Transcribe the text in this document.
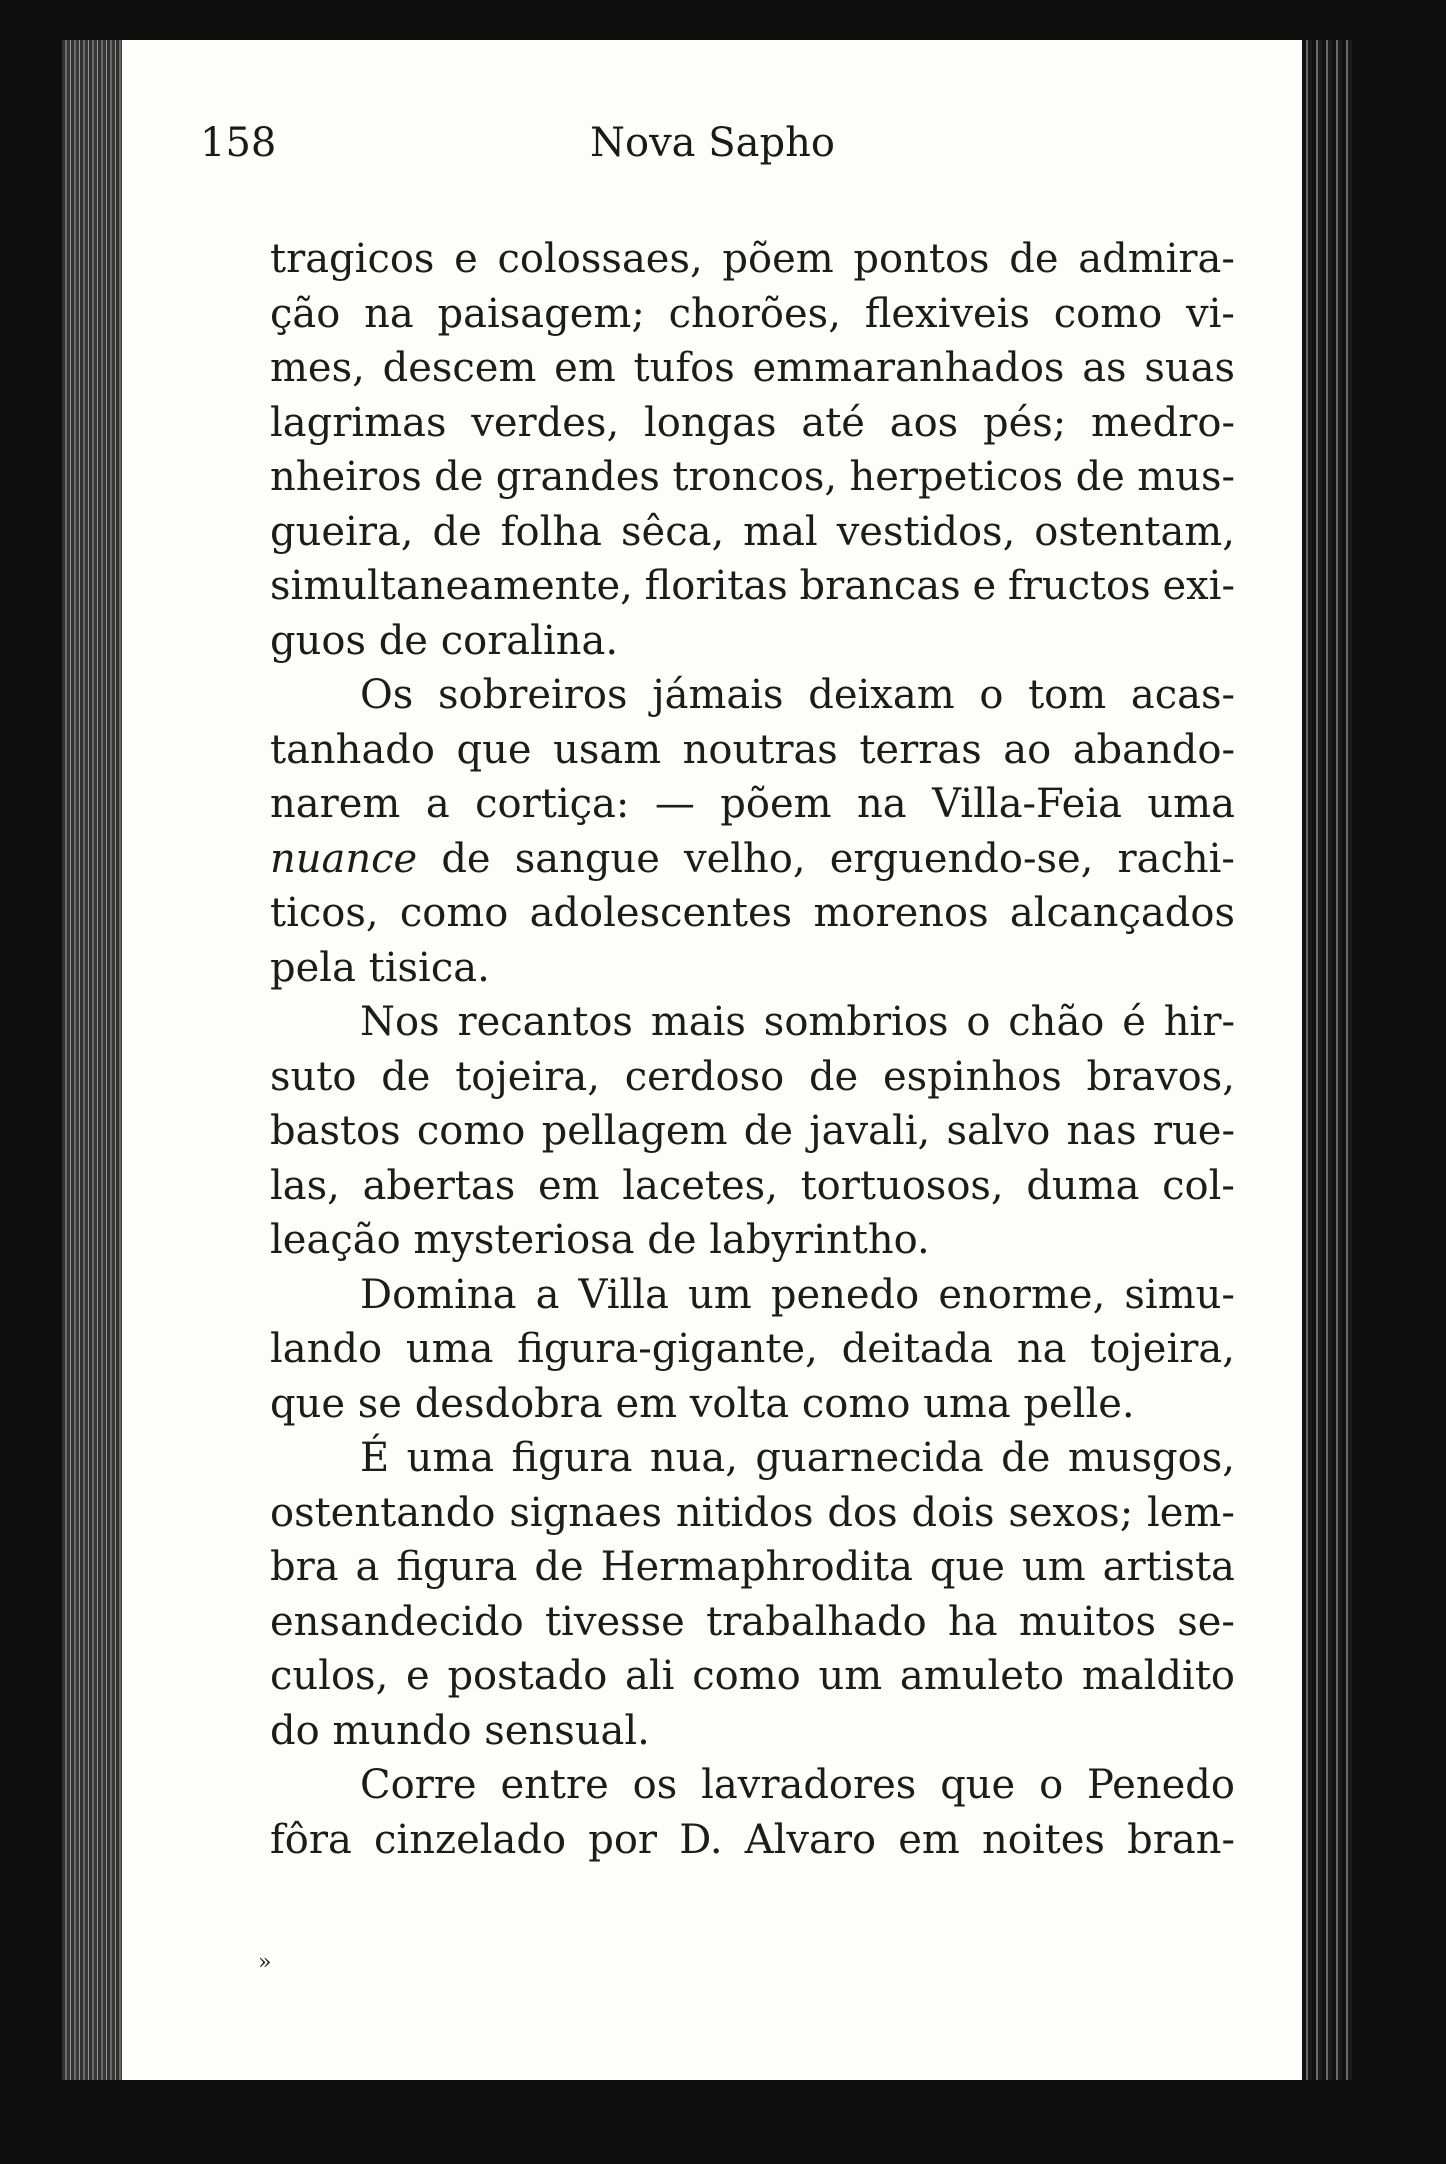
158	Nova Sapho
tragicos e colossaes, põem pontos de admira-
ção na paisagem; chorões, flexiveis como vi-
mes, descem em tufos emmaranhados as suas
lagrimas verdes, longas até aos pés; medro-
nheiros de grandes troncos, herpeticos de mus-
gueira, de folha sêca, mal vestidos, ostentam,
simultaneamente, floritas brancas e fructos exi-
guos de coralina.
Os sobreiros jámais deixam o tom acas-
tanhado que usam noutras terras ao abando-
narem a cortiça: — põem na Villa-Feia uma
nuance de sangue velho, erguendo-se, rachi-
ticos, como adolescentes morenos alcançados
pela tisica.
Nos recantos mais sombrios o chão é hir-
suto de tojeira, cerdoso de espinhos bravos,
bastos como pellagem de javali, salvo nas rue-
las, abertas em lacetes, tortuosos, duma col-
leação mysteriosa de labyrintho.
Domina a Villa um penedo enorme, simu-
lando uma figura-gigante, deitada na tojeira,
que se desdobra em volta como uma pelle.
É uma figura nua, guarnecida de musgos,
ostentando signaes nitidos dos dois sexos; lem-
bra a figura de Hermaphrodita que um artista
ensandecido tivesse trabalhado ha muitos se-
culos, e postado ali como um amuleto maldito
do mundo sensual.
Corre entre os lavradores que o Penedo
fôra cinzelado por D. Alvaro em noites bran-
»
